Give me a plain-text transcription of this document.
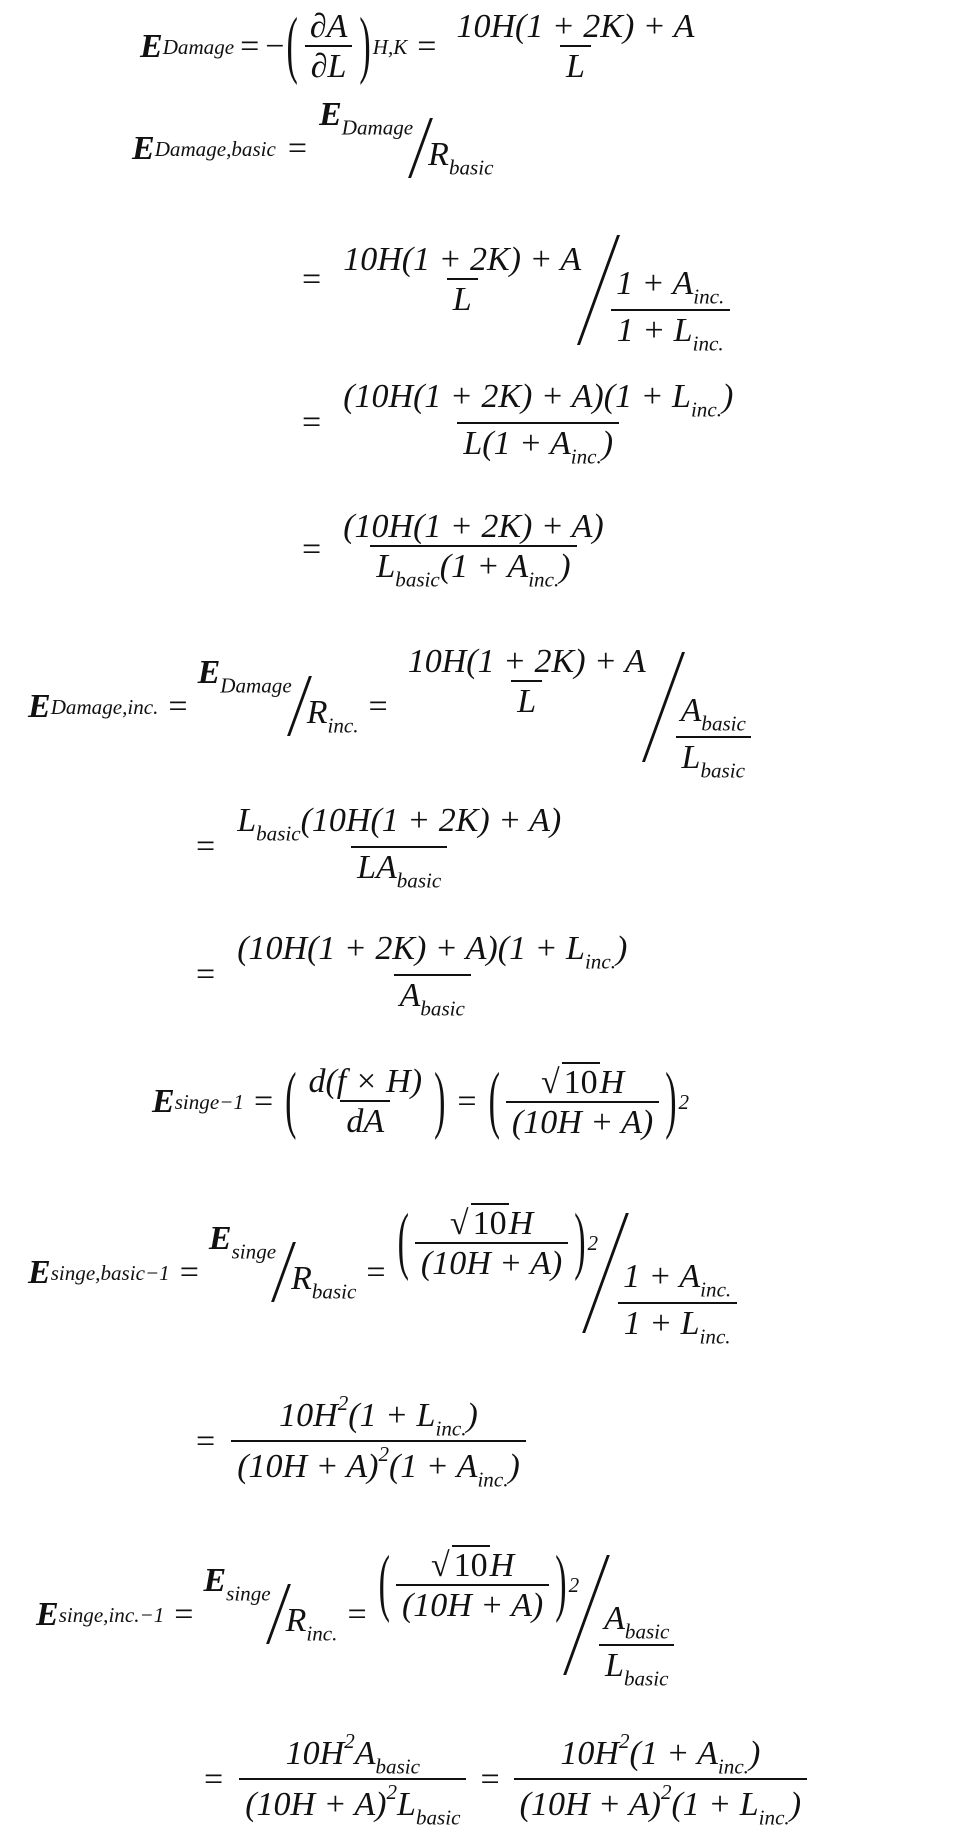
E Damage = − ( $\frac{\partial A}{\partial L}$ ) $H,K = \frac{10H(1 + 2K) + A}{L}$
E Damage,basic =
$E_{Damage}$
$R_{basic}$
= $\frac{10H(1 + 2K) + A}{L} \frac{1 + A_{inc.}}{1 + L_{inc.}}$
= $\frac{(10H(1 + 2K) + A)(1 + L_{inc.})}{L(1 + A_{inc.})}$
= $\frac{(10H(1 + 2K) + A)}{L_{basic}(1 + A_{inc.})}$
E Damage,inc. =
$E_{Damage}$
$R_{inc.}$
= $\frac{10H(1 + 2K) + A}{L}$
$\frac{A_{basic}}{L_{basic}}$
= $\frac{L_{basic}(10H(1 + 2K) + A)}{LA_{basic}}$
= $\frac{(10H(1 + 2K) + A)(1 + L_{inc.})}{A_{basic}}$
E singe −1 = ( $\frac{d(f \times H)}{dA}$ ) = ( $\frac{√ 10H}{(10H + A)}$ ) 2
E singe,basic −1 =
$E_{singe}$
$R_{basic}$
= ( $\frac{√ 10H}{(10H + A)}$ ) 2
$\frac{1 + A_{inc.}}{1 + L_{inc.}}$
= $\frac{10H^2(1 + L_{inc.})}{(10H + A)^2(1 + A_{inc.})}$
E singe,inc. −1 =
$E_{singe}$
$R_{inc.}$
= ( $\frac{√ 10H}{(10H + A)}$ ) 2
$\frac{A_{basic}}{L_{basic}}$
= $\frac{10H^2A_{basic}}{(10H + A)^2L_{basic}} = \frac{10H^2(1 + A_{inc.})}{(10H + A)^2(1 + L_{inc.})}$
